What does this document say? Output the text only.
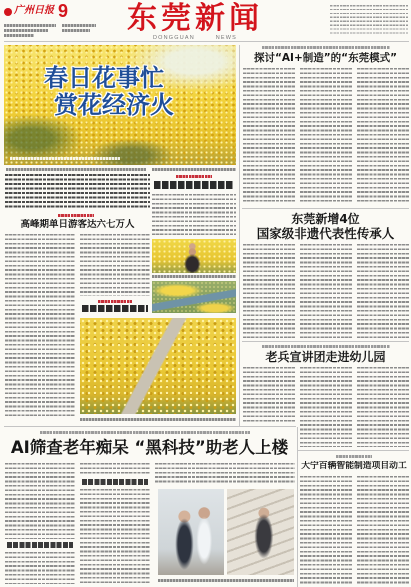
广州日报 9	东莞新闻
DONGGUAN NEWS
春日花事忙
赏花经济火
高峰期单日游客达六七万人
探讨“AI+制造”的“东莞模式”
东莞新增4位
国家级非遗代表性传承人
老兵宣讲团走进幼儿园
大宁百辆智能制造项目动工
AI筛查老年痴呆 “黑科技”助老人上楼
